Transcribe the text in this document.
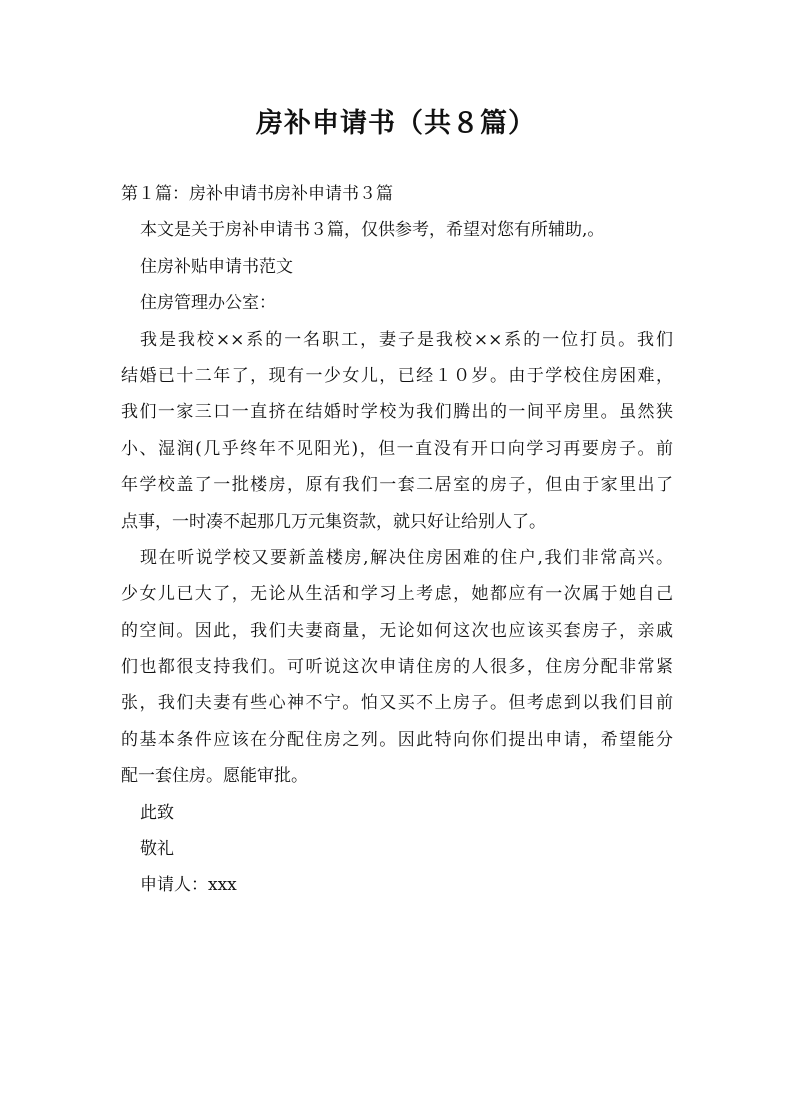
房补申请书（共８篇）
第１篇：房补申请书房补申请书３篇
本文是关于房补申请书３篇，仅供参考，希望对您有所辅助,。
住房补贴申请书范文
住房管理办公室：
我是我校××系的一名职工，妻子是我校××系的一位打员。我们
结婚已十二年了，现有一少女儿，已经１０岁。由于学校住房困难，
我们一家三口一直挤在结婚时学校为我们腾出的一间平房里。虽然狭
小、湿润(几乎终年不见阳光)，但一直没有开口向学习再要房子。前
年学校盖了一批楼房，原有我们一套二居室的房子，但由于家里出了
点事，一时凑不起那几万元集资款，就只好让给别人了。
现在听说学校又要新盖楼房,解决住房困难的住户,我们非常高兴。
少女儿已大了，无论从生活和学习上考虑，她都应有一次属于她自己
的空间。因此，我们夫妻商量，无论如何这次也应该买套房子，亲戚
们也都很支持我们。可听说这次申请住房的人很多，住房分配非常紧
张，我们夫妻有些心神不宁。怕又买不上房子。但考虑到以我们目前
的基本条件应该在分配住房之列。因此特向你们提出申请，希望能分
配一套住房。愿能审批。
此致
敬礼
申请人：xxx
